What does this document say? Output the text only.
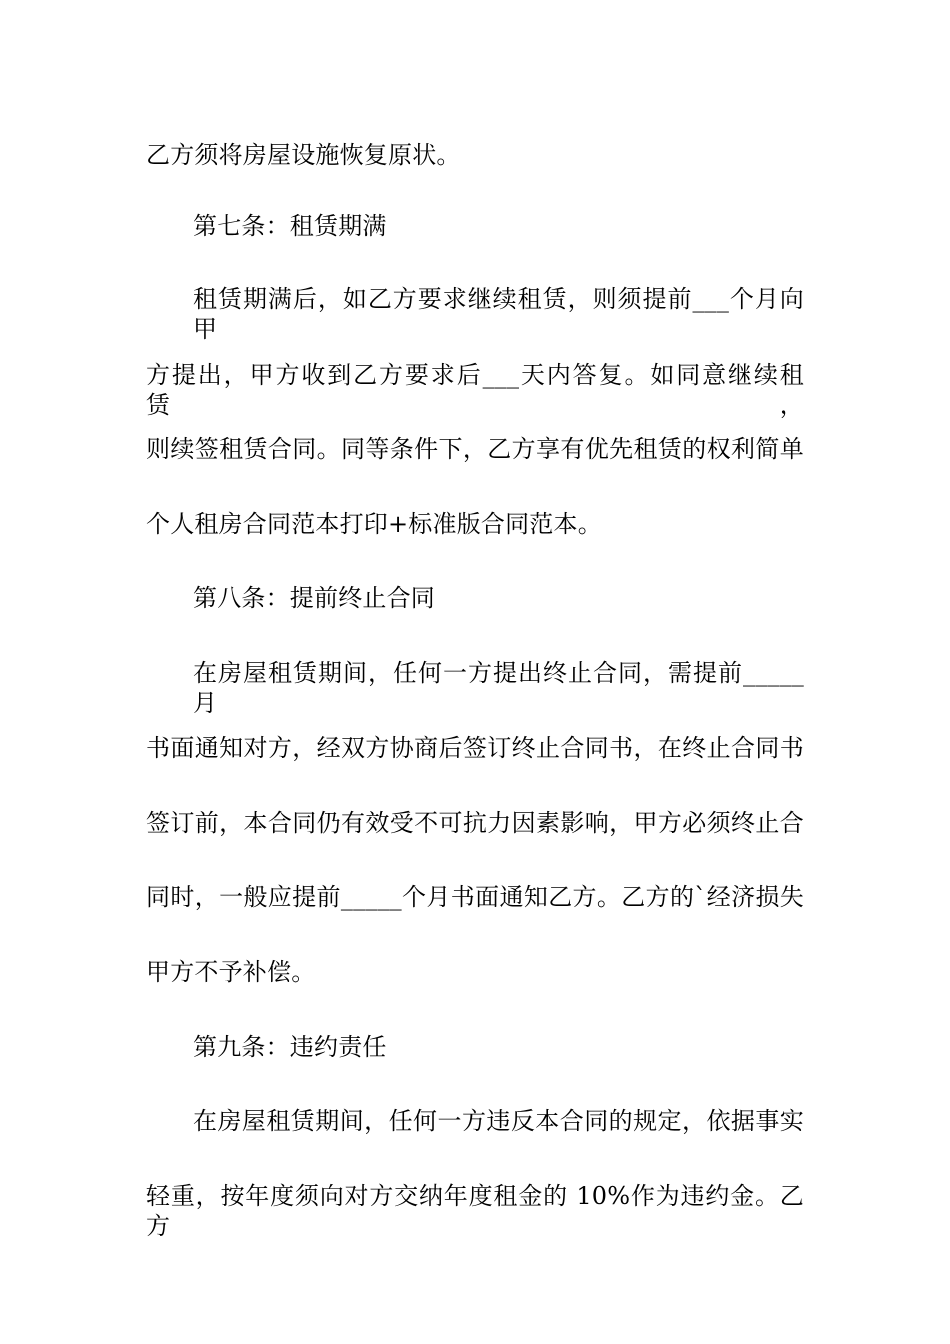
乙方须将房屋设施恢复原状。
第七条：租赁期满
租赁期满后，如乙方要求继续租赁，则须提前___个月向甲
方提出，甲方收到乙方要求后___天内答复。如同意继续租赁，
则续签租赁合同。同等条件下，乙方享有优先租赁的权利简单
个人租房合同范本打印+标准版合同范本。
第八条：提前终止合同
在房屋租赁期间，任何一方提出终止合同，需提前_____月
书面通知对方，经双方协商后签订终止合同书，在终止合同书
签订前，本合同仍有效受不可抗力因素影响，甲方必须终止合
同时，一般应提前_____个月书面通知乙方。乙方的`经济损失
甲方不予补偿。
第九条：违约责任
在房屋租赁期间，任何一方违反本合同的规定，依据事实
轻重，按年度须向对方交纳年度租金的 10%作为违约金。乙方
